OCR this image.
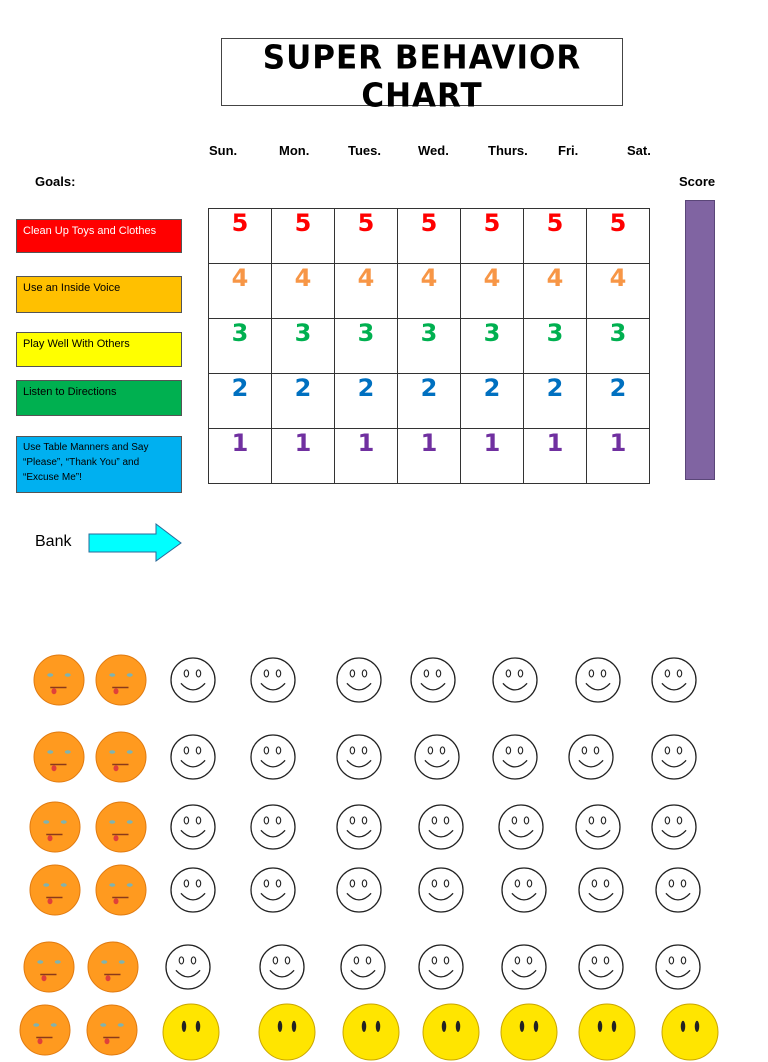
SUPER BEHAVIOR CHART
Sun.	Mon.	Tues.	Wed.	Thurs. Fri.	Sat.
Goals:	Score
Clean Up Toys and Clothes
Use an Inside Voice
Play Well With Others
Listen to Directions
Use Table Manners and Say “Please”, “Thank You” and “Excuse Me”!
5	5	5	5	5	5	5
4	4	4	4	4	4	4
3	3	3	3	3	3	3
2	2	2	2	2	2	2
1	1	1	1	1	1	1
Bank
